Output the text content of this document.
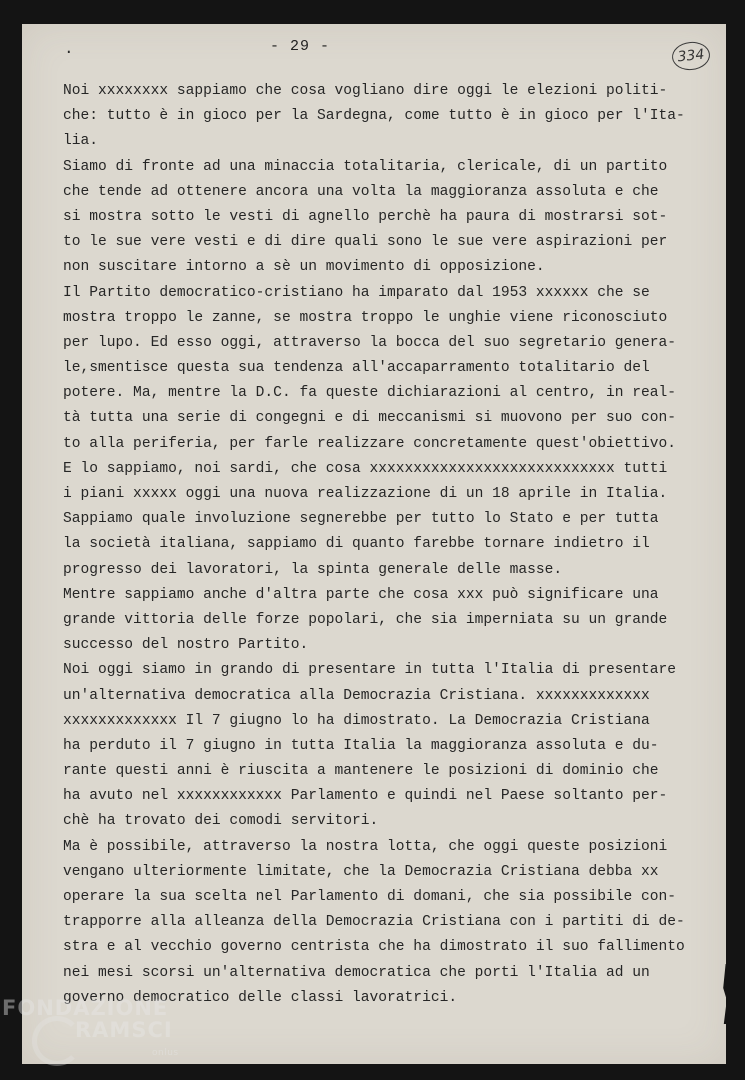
.	- 29 -
334
Noi xxxxxxxx sappiamo che cosa vogliano dire oggi le elezioni politi-
che: tutto è in gioco per la Sardegna, come tutto è in gioco per l'Ita-
lia.
Siamo di fronte ad una minaccia totalitaria, clericale, di un partito
che tende ad ottenere ancora una volta la maggioranza assoluta e che
si mostra sotto le vesti di agnello perchè ha paura di mostrarsi sot-
to le sue vere vesti e di dire quali sono le sue vere aspirazioni per
non suscitare intorno a sè un movimento di opposizione.
Il Partito democratico-cristiano ha imparato dal 1953 xxxxxx che se
mostra troppo le zanne, se mostra troppo le unghie viene riconosciuto
per lupo. Ed esso oggi, attraverso la bocca del suo segretario genera-
le,smentisce questa sua tendenza all'accaparramento totalitario del
potere. Ma, mentre la D.C. fa queste dichiarazioni al centro, in real-
tà tutta una serie di congegni e di meccanismi si muovono per suo con-
to alla periferia, per farle realizzare concretamente quest'obiettivo.
E lo sappiamo, noi sardi, che cosa xxxxxxxxxxxxxxxxxxxxxxxxxxxx tutti
i piani xxxxx oggi una nuova realizzazione di un 18 aprile in Italia.
Sappiamo quale involuzione segnerebbe per tutto lo Stato e per tutta
la società italiana, sappiamo di quanto farebbe tornare indietro il
progresso dei lavoratori, la spinta generale delle masse.
Mentre sappiamo anche d'altra parte che cosa xxx può significare una
grande vittoria delle forze popolari, che sia imperniata su un grande
successo del nostro Partito.
Noi oggi siamo in grando di presentare in tutta l'Italia di presentare
un'alternativa democratica alla Democrazia Cristiana. xxxxxxxxxxxxx
xxxxxxxxxxxxx Il 7 giugno lo ha dimostrato. La Democrazia Cristiana
ha perduto il 7 giugno in tutta Italia la maggioranza assoluta e du-
rante questi anni è riuscita a mantenere le posizioni di dominio che
ha avuto nel xxxxxxxxxxxx Parlamento e quindi nel Paese soltanto per-
chè ha trovato dei comodi servitori.
Ma è possibile, attraverso la nostra lotta, che oggi queste posizioni
vengano ulteriormente limitate, che la Democrazia Cristiana debba xx
operare la sua scelta nel Parlamento di domani, che sia possibile con-
trapporre alla alleanza della Democrazia Cristiana con i partiti di de-
stra e al vecchio governo centrista che ha dimostrato il suo fallimento
nei mesi scorsi un'alternativa democratica che porti l'Italia ad un
governo democratico delle classi lavoratrici.
FONDAZIONE
RAMSCI
onlus
